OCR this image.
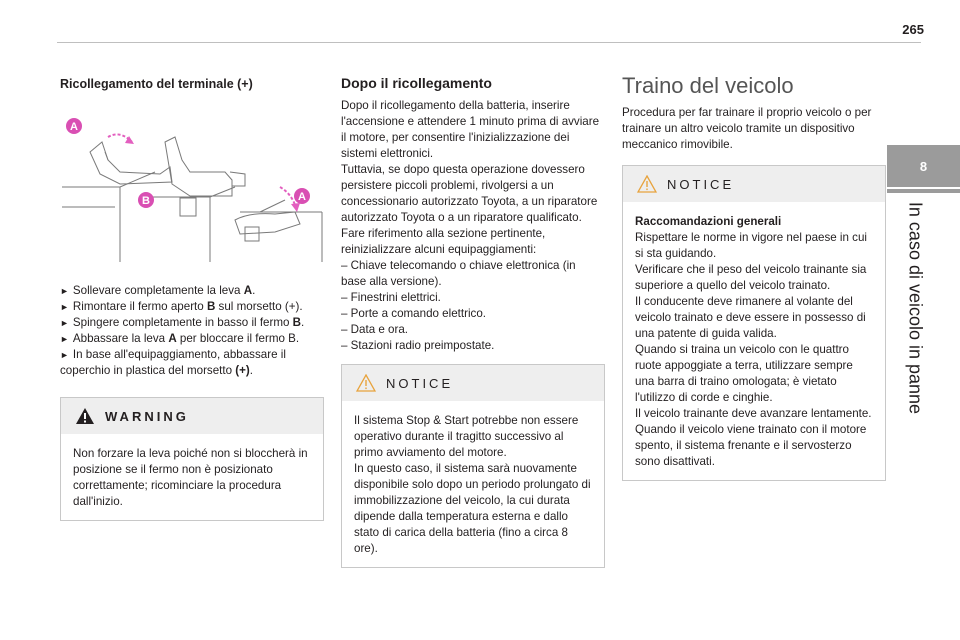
265
8
In caso di veicolo in panne
Ricollegamento del terminale (+)
A
B	A
► Sollevare completamente la leva A.
► Rimontare il fermo aperto B sul morsetto (+).
► Spingere completamente in basso il fermo B.
► Abbassare la leva A per bloccare il fermo B.
► In base all'equipaggiamento, abbassare il coperchio in plastica del morsetto (+).
WARNING
Non forzare la leva poiché non si bloccherà in posizione se il fermo non è posizionato correttamente; ricominciare la procedura dall'inizio.
Dopo il ricollegamento
Dopo il ricollegamento della batteria, inserire l'accensione e attendere 1 minuto prima di avviare il motore, per consentire l'inizializzazione dei sistemi elettronici.
Tuttavia, se dopo questa operazione dovessero persistere piccoli problemi, rivolgersi a un concessionario autorizzato Toyota, a un riparatore autorizzato Toyota o a un riparatore qualificato.
Fare riferimento alla sezione pertinente, reinizializzare alcuni equipaggiamenti:
– Chiave telecomando o chiave elettronica (in
base alla versione).
– Finestrini elettrici.
– Porte a comando elettrico.
– Data e ora.
– Stazioni radio preimpostate.
NOTICE
Il sistema Stop & Start potrebbe non essere operativo durante il tragitto successivo al primo avviamento del motore.
In questo caso, il sistema sarà nuovamente disponibile solo dopo un periodo prolungato di immobilizzazione del veicolo, la cui durata dipende dalla temperatura esterna e dallo stato di carica della batteria (fino a circa 8 ore).
Traino del veicolo
Procedura per far trainare il proprio veicolo o per trainare un altro veicolo tramite un dispositivo meccanico rimovibile.
NOTICE
Raccomandazioni generali
Rispettare le norme in vigore nel paese in cui si sta guidando.
Verificare che il peso del veicolo trainante sia superiore a quello del veicolo trainato.
Il conducente deve rimanere al volante del veicolo trainato e deve essere in possesso di una patente di guida valida.
Quando si traina un veicolo con le quattro ruote appoggiate a terra, utilizzare sempre una barra di traino omologata; è vietato l'utilizzo di corde e cinghie.
Il veicolo trainante deve avanzare lentamente.
Quando il veicolo viene trainato con il motore spento, il sistema frenante e il servosterzo sono disattivati.
